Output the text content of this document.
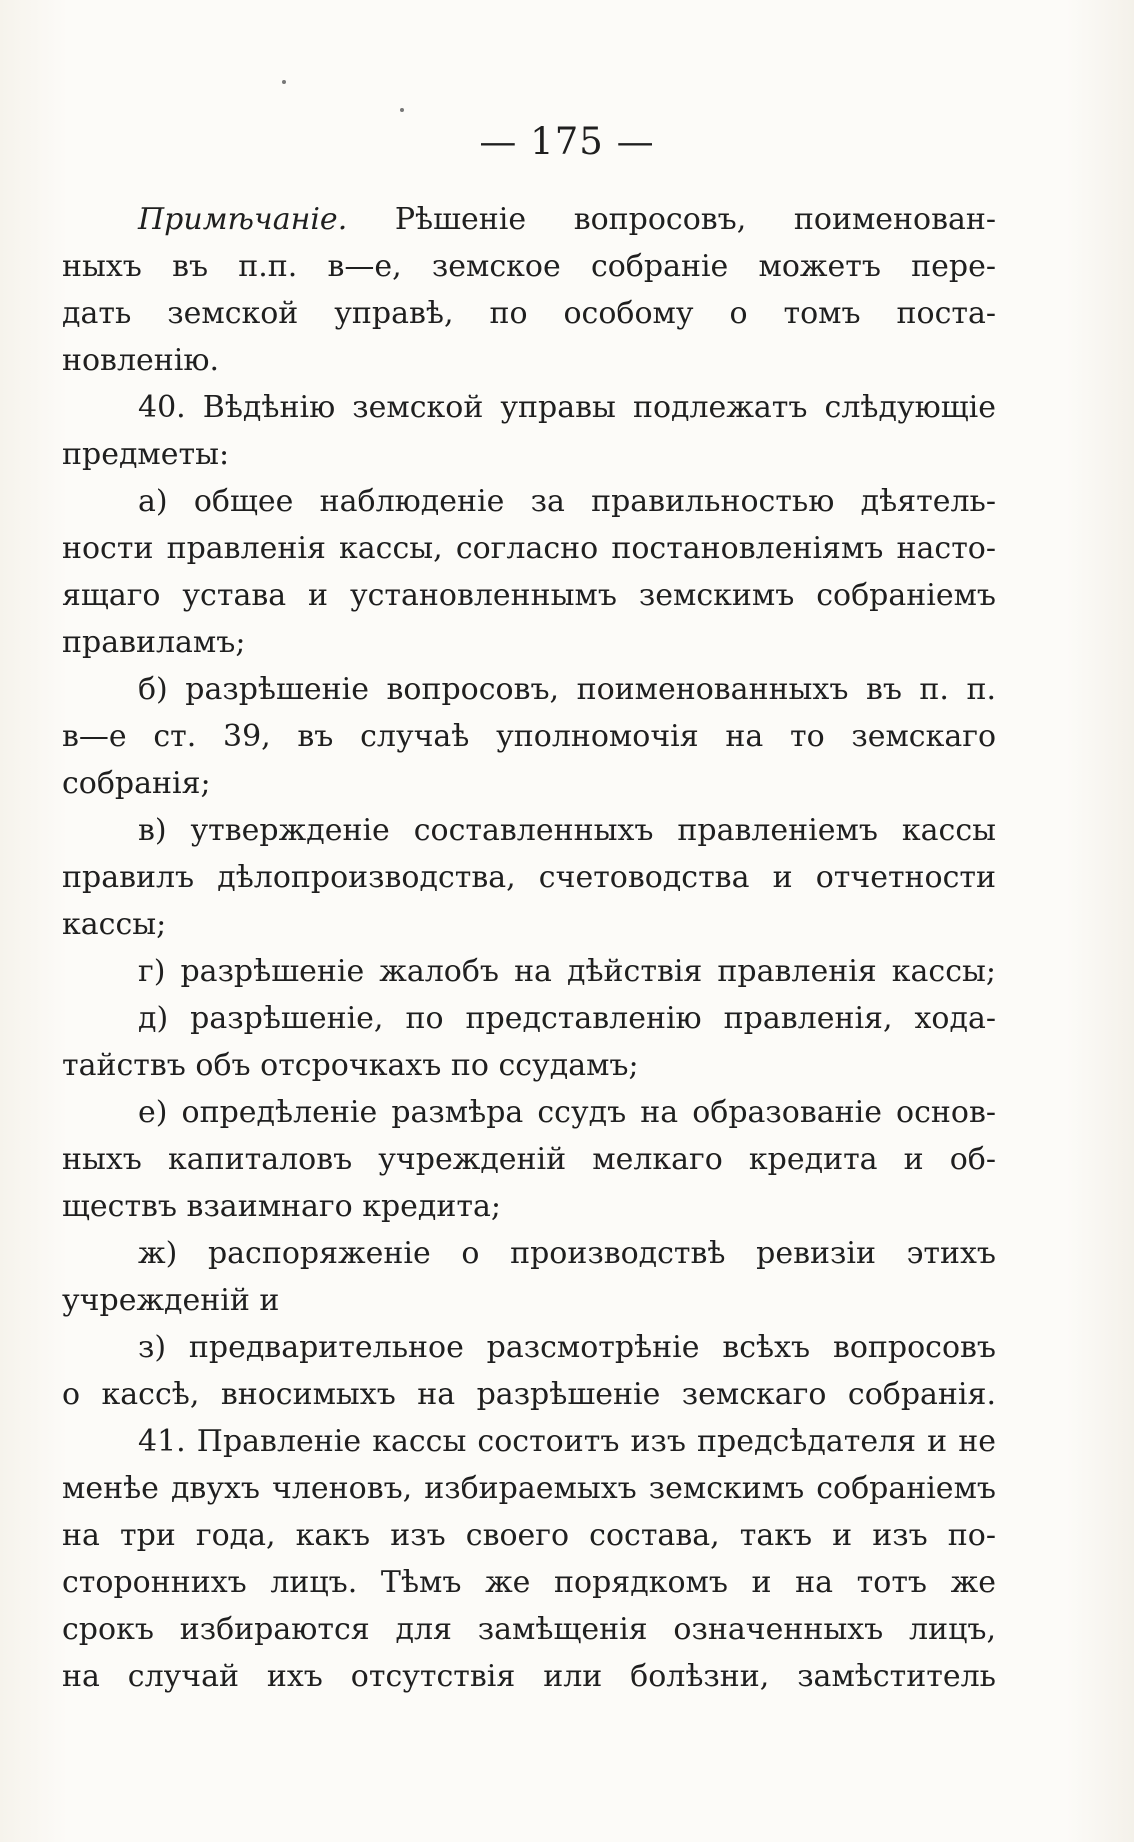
— 175 —
Примѣчаніе. Рѣшеніе вопросовъ, поименован-
ныхъ въ п.п. в—е, земское собраніе можетъ пере-
дать земской управѣ, по особому о томъ поста-
новленію.
40. Вѣдѣнію земской управы подлежатъ слѣдующіе
предметы:
а) общее наблюденіе за правильностью дѣятель-
ности правленія кассы, согласно постановленіямъ насто-
ящаго устава и установленнымъ земскимъ собраніемъ
правиламъ;
б) разрѣшеніе вопросовъ, поименованныхъ въ п. п.
в—е ст. 39, въ случаѣ уполномочія на то земскаго
собранія;
в) утвержденіе составленныхъ правленіемъ кассы
правилъ дѣлопроизводства, счетоводства и отчетности
кассы;
г) разрѣшеніе жалобъ на дѣйствія правленія кассы;
д) разрѣшеніе, по представленію правленія, хода-
тайствъ объ отсрочкахъ по ссудамъ;
е) опредѣленіе размѣра ссудъ на образованіе основ-
ныхъ капиталовъ учрежденій мелкаго кредита и об-
ществъ взаимнаго кредита;
ж) распоряженіе о производствѣ ревизіи этихъ
учрежденій и
з) предварительное разсмотрѣніе всѣхъ вопросовъ
о кассѣ, вносимыхъ на разрѣшеніе земскаго собранія.
41. Правленіе кассы состоитъ изъ предсѣдателя и не
менѣе двухъ членовъ, избираемыхъ земскимъ собраніемъ
на три года, какъ изъ своего состава, такъ и изъ по-
стороннихъ лицъ. Тѣмъ же порядкомъ и на тотъ же
срокъ избираются для замѣщенія означенныхъ лицъ,
на случай ихъ отсутствія или болѣзни, замѣститель
